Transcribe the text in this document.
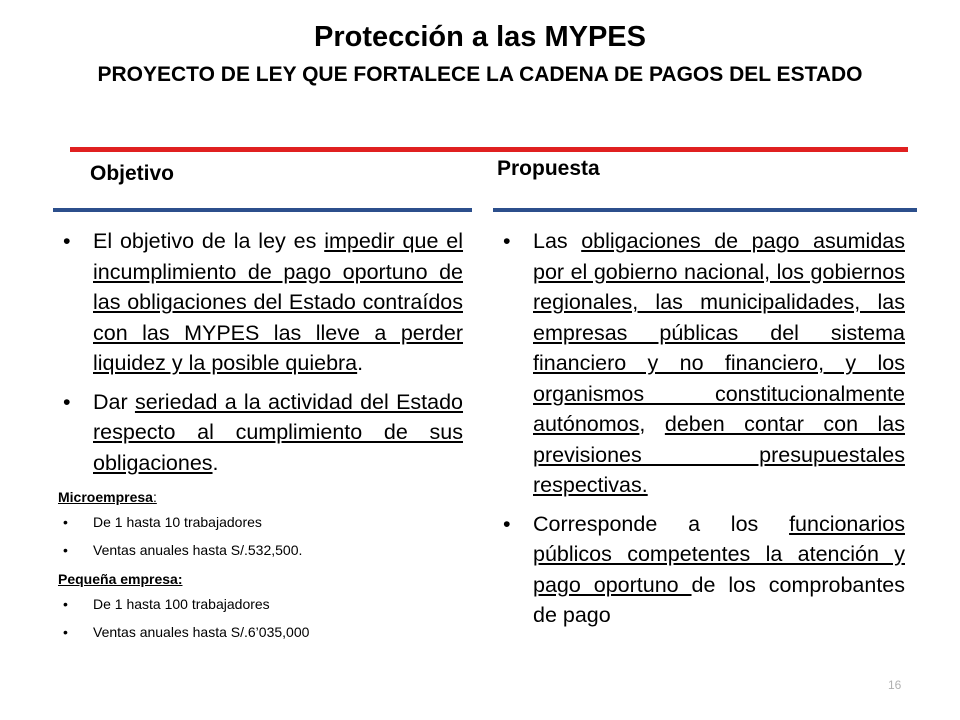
Protección a las MYPES
PROYECTO DE LEY QUE FORTALECE LA CADENA DE PAGOS DEL ESTADO
Objetivo	Propuesta
• El objetivo de la ley es impedir que el incumplimiento de pago oportuno de las obligaciones del Estado contraídos con las MYPES las lleve a perder liquidez y la posible quiebra.
• Dar seriedad a la actividad del Estado respecto al cumplimiento de sus obligaciones.
Microempresa:
• De 1 hasta 10 trabajadores
• Ventas anuales hasta S/.532,500.
Pequeña empresa:
• De 1 hasta 100 trabajadores
• Ventas anuales hasta S/.6’035,000
• Las obligaciones de pago asumidas por el gobierno nacional, los gobiernos regionales, las municipalidades, las empresas públicas del sistema financiero y no financiero, y los organismos constitucionalmente autónomos, deben contar con las previsiones presupuestales respectivas.
• Corresponde a los funcionarios públicos competentes la atención y pago oportuno de los comprobantes de pago
16
